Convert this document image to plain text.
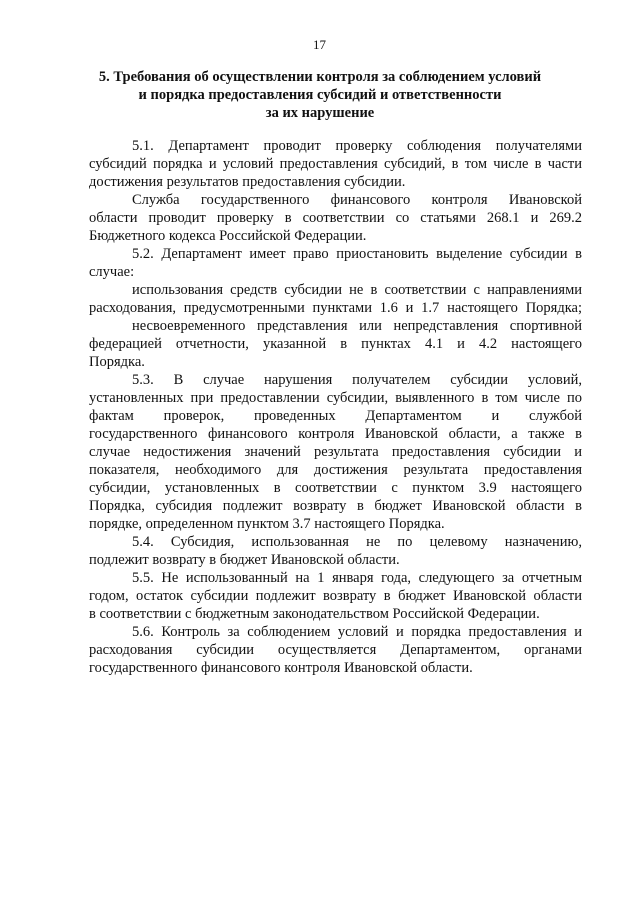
17
5. Требования об осуществлении контроля за соблюдением условий
и порядка предоставления субсидий и ответственности
за их нарушение
5.1. Департамент проводит проверку соблюдения получателями
субсидий порядка и условий предоставления субсидий, в том числе в части
достижения результатов предоставления субсидии.
Служба государственного финансового контроля Ивановской
области проводит проверку в соответствии со статьями 268.1 и 269.2
Бюджетного кодекса Российской Федерации.
5.2. Департамент имеет право приостановить выделение субсидии в
случае:
использования средств субсидии не в соответствии с направлениями
расходования, предусмотренными пунктами 1.6 и 1.7 настоящего Порядка;
несвоевременного представления или непредставления спортивной
федерацией отчетности, указанной в пунктах 4.1 и 4.2 настоящего
Порядка.
5.3. В случае нарушения получателем субсидии условий,
установленных при предоставлении субсидии, выявленного в том числе по
фактам проверок, проведенных Департаментом и службой
государственного финансового контроля Ивановской области, а также в
случае недостижения значений результата предоставления субсидии и
показателя, необходимого для достижения результата предоставления
субсидии, установленных в соответствии с пунктом 3.9 настоящего
Порядка, субсидия подлежит возврату в бюджет Ивановской области в
порядке, определенном пунктом 3.7 настоящего Порядка.
5.4. Субсидия, использованная не по целевому назначению,
подлежит возврату в бюджет Ивановской области.
5.5. Не использованный на 1 января года, следующего за отчетным
годом, остаток субсидии подлежит возврату в бюджет Ивановской области
в соответствии с бюджетным законодательством Российской Федерации.
5.6. Контроль за соблюдением условий и порядка предоставления и
расходования субсидии осуществляется Департаментом, органами
государственного финансового контроля Ивановской области.
